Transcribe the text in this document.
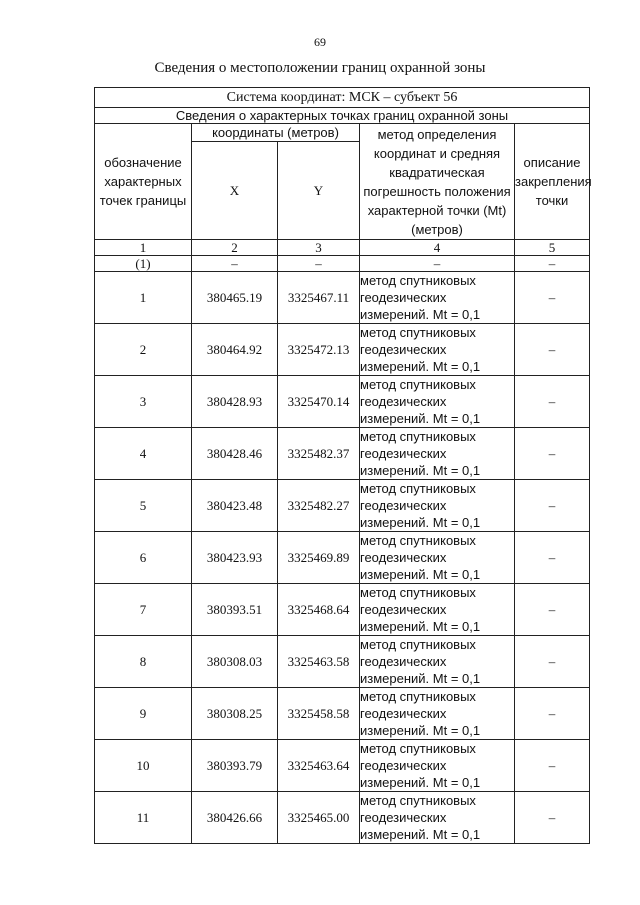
69
Сведения о местоположении границ охранной зоны
Система координат: МСК – субъект 56				
Сведения о характерных точках границ охранной зоны				
обозначение характерных точек границы	координаты (метров)		метод определения координат и средняя квадратическая погрешность положения характерной точки (Mt) (метров)	описание закрепления точки
	X	Y		
1	2	3	4	5
(1)	–	–	–	–
1	380465.19	3325467.11	метод спутниковых геодезических измерений. Mt = 0,1	–
2	380464.92	3325472.13	метод спутниковых геодезических измерений. Mt = 0,1	–
3	380428.93	3325470.14	метод спутниковых геодезических измерений. Mt = 0,1	–
4	380428.46	3325482.37	метод спутниковых геодезических измерений. Mt = 0,1	–
5	380423.48	3325482.27	метод спутниковых геодезических измерений. Mt = 0,1	–
6	380423.93	3325469.89	метод спутниковых геодезических измерений. Mt = 0,1	–
7	380393.51	3325468.64	метод спутниковых геодезических измерений. Mt = 0,1	–
8	380308.03	3325463.58	метод спутниковых геодезических измерений. Mt = 0,1	–
9	380308.25	3325458.58	метод спутниковых геодезических измерений. Mt = 0,1	–
10	380393.79	3325463.64	метод спутниковых геодезических измерений. Mt = 0,1	–
11	380426.66	3325465.00	метод спутниковых геодезических измерений. Mt = 0,1	–
